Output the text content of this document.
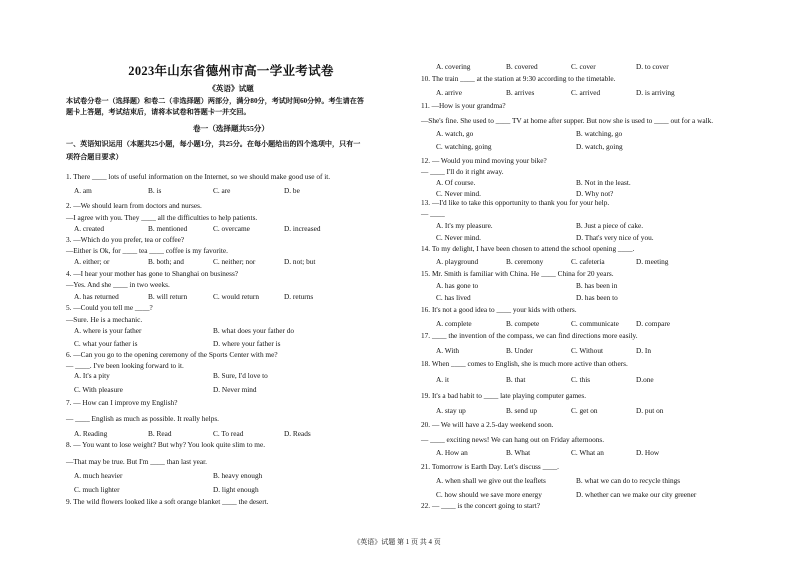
2023年山东省德州市高一学业考试卷
《英语》试题
本试卷分卷一（选择题）和卷二（非选择题）两部分，满分80分，考试时间60分钟。考生请在答
题卡上答题，考试结束后，请将本试卷和答题卡一并交回。
卷一（选择题共55分）
一、英语知识运用（本题共25小题，每小题1分，共25分。在每小题给出的四个选项中，只有一
项符合题目要求）
1. There ____ lots of useful information on the Internet, so we should make good use of it.
A. am	B. is	C. are	D. be
2. —We should learn from doctors and nurses.
—I agree with you. They ____ all the difficulties to help patients.
A. created	B. mentioned	C. overcame	D. increased
3. —Which do you prefer, tea or coffee?
—Either is Ok, for ____ tea ____ coffee is my favorite.
A. either; or	B. both; and	C. neither; nor	D. not; but
4. —I hear your mother has gone to Shanghai on business?
—Yes. And she ____ in two weeks.
A. has returned	B. will return	C. would return	D. returns
5. —Could you tell me ____?
—Sure. He is a mechanic.
A. where is your father	B. what does your father do
C. what your father is	D. where your father is
6. —Can you go to the opening ceremony of the Sports Center with me?
— ____. I've been looking forward to it.
A. It's a pity	B. Sure, I'd love to
C. With pleasure	D. Never mind
7. — How can I improve my English?
— ____ English as much as possible. It really helps.
A. Reading	B. Read	C. To read	D. Reads
8. — You want to lose weight? But why? You look quite slim to me.
—That may be true. But I'm ____ than last year.
A. much heavier	B. heavy enough
C. much lighter	D. light enough
9. The wild flowers looked like a soft orange blanket ____ the desert.
A. covering	B. covered	C. cover	D. to cover
10. The train ____ at the station at 9:30 according to the timetable.
A. arrive	B. arrives	C. arrived	D. is arriving
11. —How is your grandma?
—She's fine. She used to ____ TV at home after supper. But now she is used to ____ out for a walk.
A. watch, go	B. watching, go
C. watching, going	D. watch, going
12. — Would you mind moving your bike?
— ____ I'll do it right away.
A. Of course.	B. Not in the least.
C. Never mind.	D. Why not?
13. —I'd like to take this opportunity to thank you for your help.
— ____
A. It's my pleasure.	B. Just a piece of cake.
C. Never mind.	D. That's very nice of you.
14. To my delight, I have been chosen to attend the school opening ____.
A. playground	B. ceremony	C. cafeteria	D. meeting
15. Mr. Smith is familiar with China. He ____ China for 20 years.
A. has gone to	B. has been in
C. has lived	D. has been to
16. It's not a good idea to ____ your kids with others.
A. complete	B. compete	C. communicate D. compare
17. ____ the invention of the compass, we can find directions more easily.
A. With	B. Under	C. Without	D. In
18. When ____ comes to English, she is much more active than others.
A. it	B. that	C. this	D.one
19. It's a bad habit to ____ late playing computer games.
A. stay up	B. send up	C. get on	D. put on
20. — We will have a 2.5-day weekend soon.
— ____ exciting news! We can hang out on Friday afternoons.
A. How an	B. What	C. What an	D. How
21. Tomorrow is Earth Day. Let's discuss ____.
A. when shall we give out the leaflets	B. what we can do to recycle things
C. how should we save more energy	D. whether can we make our city greener
22. — ____ is the concert going to start?
《英语》试题 第 1 页 共 4 页
